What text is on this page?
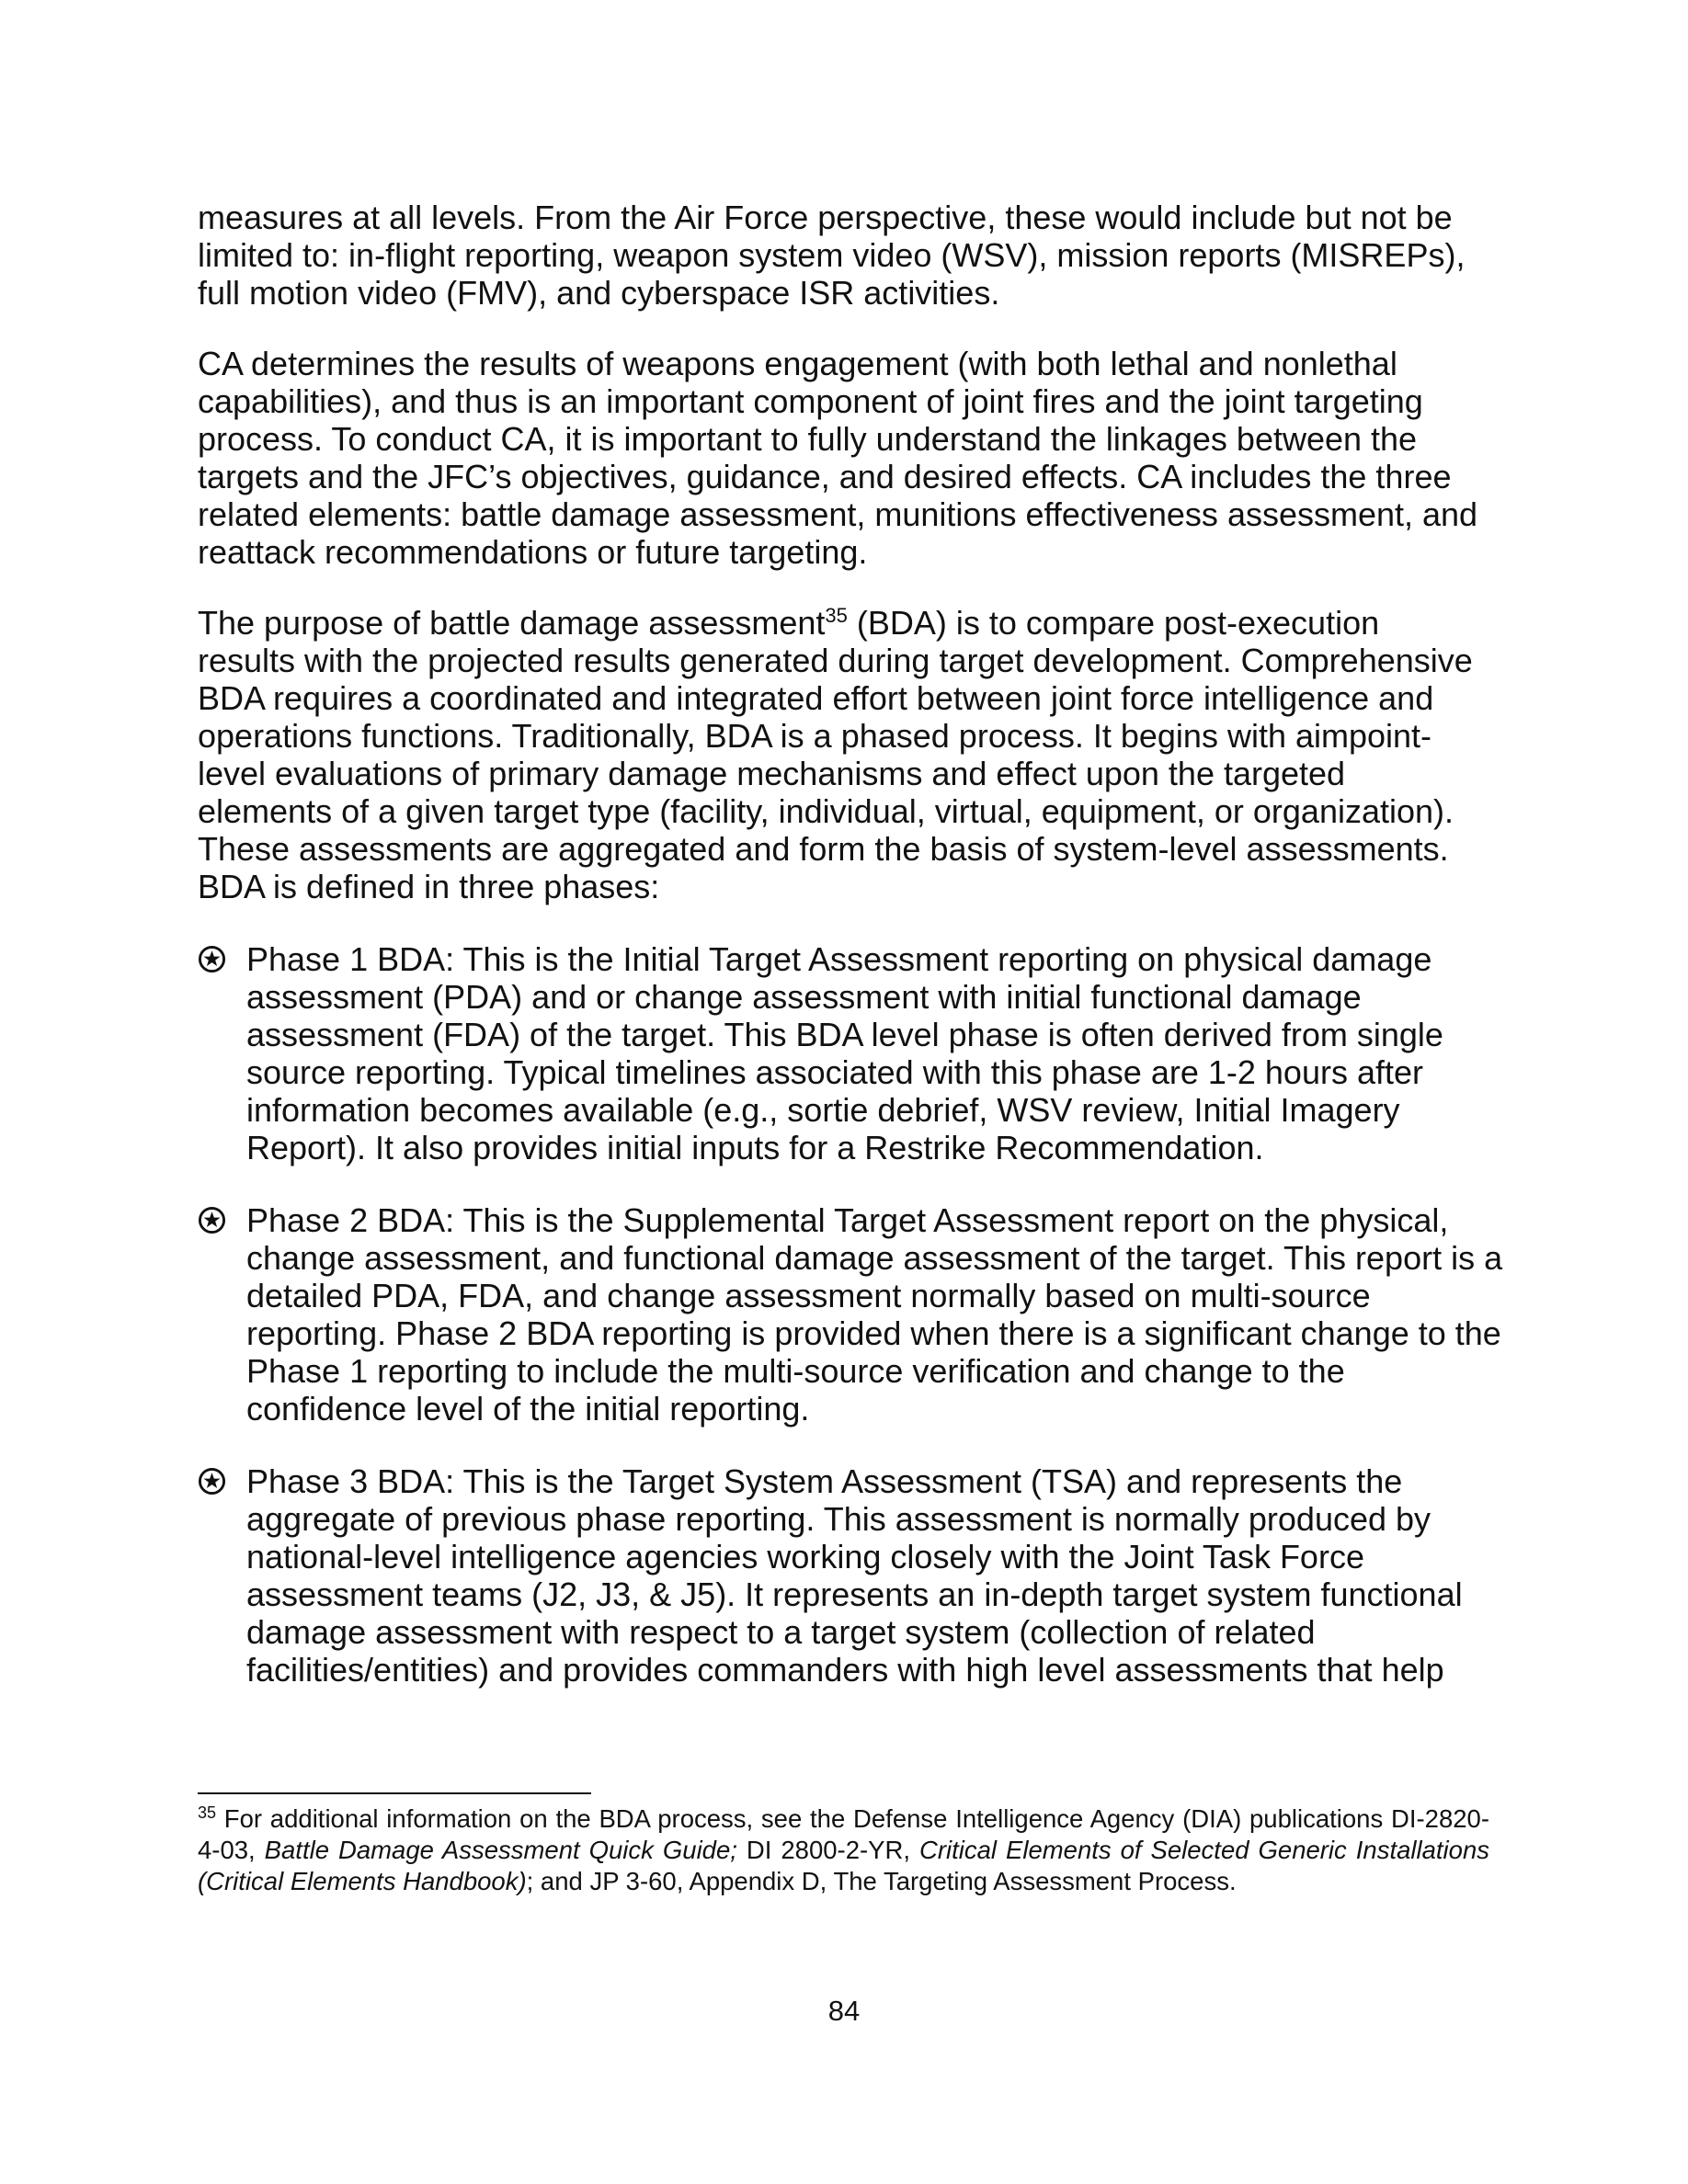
measures at all levels. From the Air Force perspective, these would include but not be limited to: in-flight reporting, weapon system video (WSV), mission reports (MISREPs), full motion video (FMV), and cyberspace ISR activities.

CA determines the results of weapons engagement (with both lethal and nonlethal capabilities), and thus is an important component of joint fires and the joint targeting process. To conduct CA, it is important to fully understand the linkages between the targets and the JFC’s objectives, guidance, and desired effects. CA includes the three related elements: battle damage assessment, munitions effectiveness assessment, and reattack recommendations or future targeting.

The purpose of battle damage assessment$^{35}$ (BDA) is to compare post-execution results with the projected results generated during target development. Comprehensive BDA requires a coordinated and integrated effort between joint force intelligence and operations functions. Traditionally, BDA is a phased process. It begins with aimpoint-level evaluations of primary damage mechanisms and effect upon the targeted elements of a given target type (facility, individual, virtual, equipment, or organization). These assessments are aggregated and form the basis of system-level assessments. BDA is defined in three phases:

Phase 1 BDA: This is the Initial Target Assessment reporting on physical damage assessment (PDA) and or change assessment with initial functional damage assessment (FDA) of the target. This BDA level phase is often derived from single source reporting. Typical timelines associated with this phase are 1-2 hours after information becomes available (e.g., sortie debrief, WSV review, Initial Imagery Report). It also provides initial inputs for a Restrike Recommendation.
Phase 2 BDA: This is the Supplemental Target Assessment report on the physical, change assessment, and functional damage assessment of the target. This report is a detailed PDA, FDA, and change assessment normally based on multi-source reporting. Phase 2 BDA reporting is provided when there is a significant change to the Phase 1 reporting to include the multi-source verification and change to the confidence level of the initial reporting.
Phase 3 BDA: This is the Target System Assessment (TSA) and represents the aggregate of previous phase reporting. This assessment is normally produced by national-level intelligence agencies working closely with the Joint Task Force assessment teams (J2, J3, & J5). It represents an in-depth target system functional damage assessment with respect to a target system (collection of related facilities/entities) and provides commanders with high level assessments that help

$^{35}$ For additional information on the BDA process, see the Defense Intelligence Agency (DIA) publications DI-2820-4-03, Battle Damage Assessment Quick Guide; DI 2800-2-YR, Critical Elements of Selected Generic Installations (Critical Elements Handbook); and JP 3-60, Appendix D, The Targeting Assessment Process.

84
